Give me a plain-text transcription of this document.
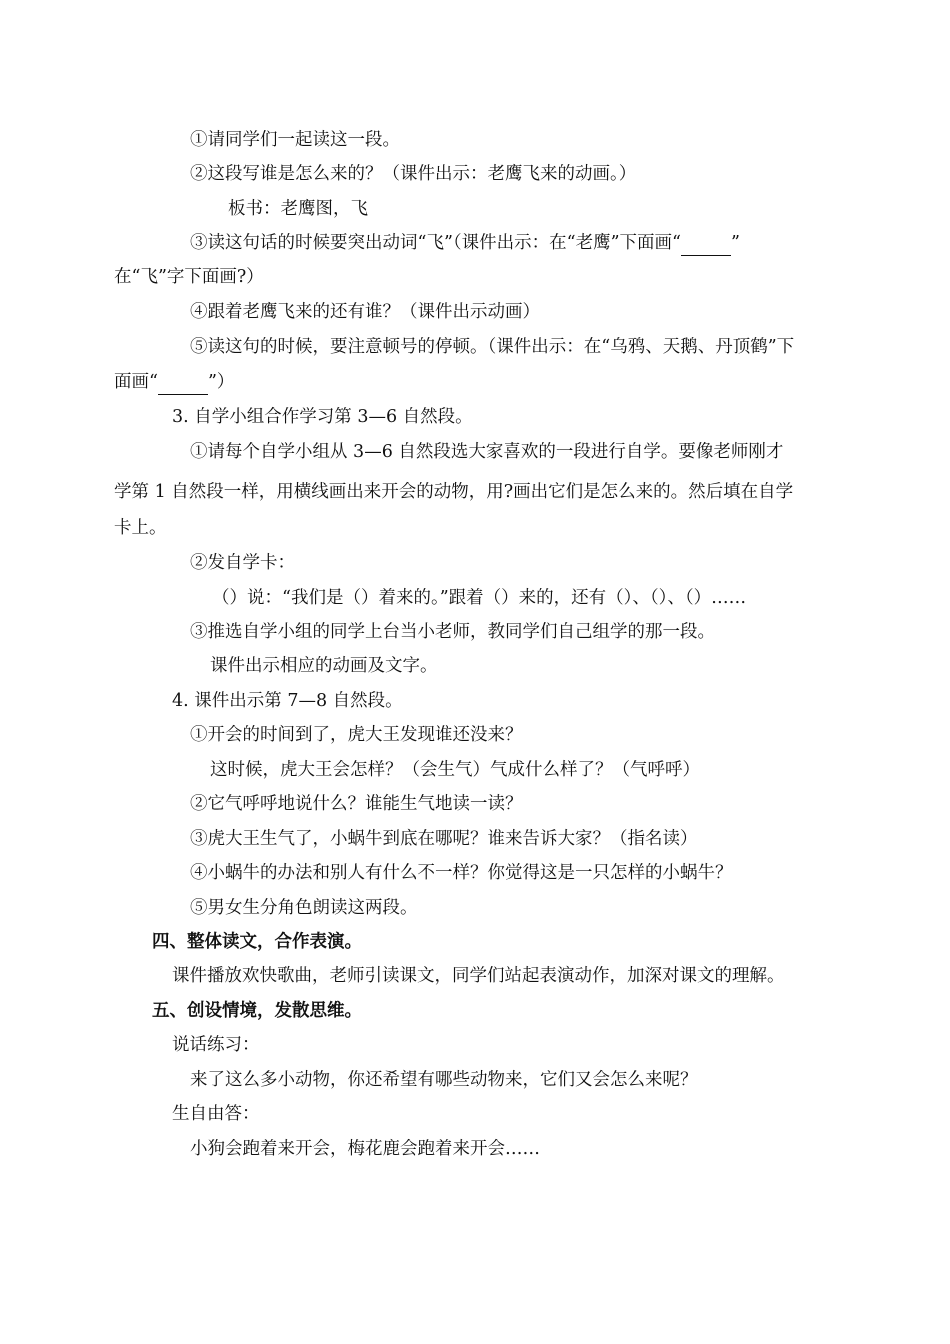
①请同学们一起读这一段。
②这段写谁是怎么来的？（课件出示：老鹰飞来的动画。）
板书：老鹰图，飞
③读这句话的时候要突出动词“飞”（课件出示：在“老鹰”下面画“	”
在“飞”字下面画?）
④跟着老鹰飞来的还有谁？（课件出示动画）
⑤读这句的时候，要注意顿号的停顿。（课件出示：在“乌鸦、天鹅、丹顶鹤”下
面画“	”）
3. 自学小组合作学习第 3—6 自然段。
①请每个自学小组从 3—6 自然段选大家喜欢的一段进行自学。要像老师刚才
学第 1 自然段一样，用横线画出来开会的动物，用?画出它们是怎么来的。然后填在自学
卡上。
②发自学卡：
（）说：“我们是（）着来的。”跟着（）来的，还有（）、（）、（）……
③推选自学小组的同学上台当小老师，教同学们自己组学的那一段。
课件出示相应的动画及文字。
4. 课件出示第 7—8 自然段。
①开会的时间到了，虎大王发现谁还没来？
这时候，虎大王会怎样？（会生气）气成什么样了？（气呼呼）
②它气呼呼地说什么？谁能生气地读一读？
③虎大王生气了，小蜗牛到底在哪呢？谁来告诉大家？（指名读）
④小蜗牛的办法和别人有什么不一样？你觉得这是一只怎样的小蜗牛？
⑤男女生分角色朗读这两段。
四、整体读文，合作表演。
课件播放欢快歌曲，老师引读课文，同学们站起表演动作，加深对课文的理解。
五、创设情境，发散思维。
说话练习：
来了这么多小动物，你还希望有哪些动物来，它们又会怎么来呢？
生自由答：
小狗会跑着来开会，梅花鹿会跑着来开会……
